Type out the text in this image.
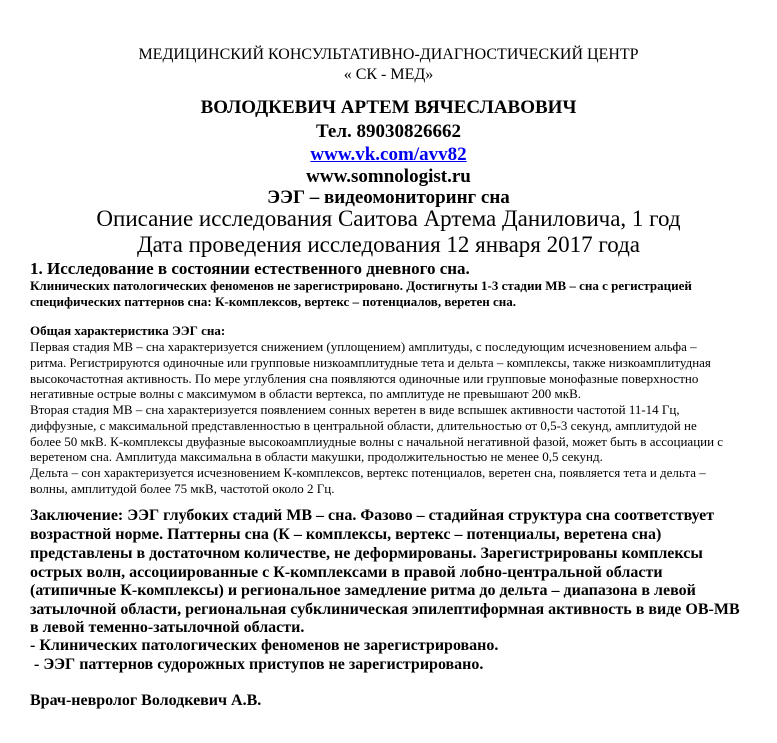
МЕДИЦИНСКИЙ КОНСУЛЬТАТИВНО-ДИАГНОСТИЧЕСКИЙ ЦЕНТР
« СК - МЕД»
ВОЛОДКЕВИЧ АРТЕМ ВЯЧЕСЛАВОВИЧ
Тел. 89030826662
www.vk.com/avv82
www.somnologist.ru
ЭЭГ – видеомониторинг сна
Описание исследования Саитова Артема Даниловича, 1 год
Дата проведения исследования 12 января 2017 года
1. Исследование в состоянии естественного дневного сна.
Клинических патологических феноменов не зарегистрировано. Достигнуты 1-3 стадии МВ – сна с регистрацией
специфических паттернов сна: К-комплексов, вертекс – потенциалов, веретен сна.
Общая характеристика ЭЭГ сна:
Первая стадия МВ – сна характеризуется снижением (уплощением) амплитуды, с последующим исчезновением альфа –
ритма. Регистрируются одиночные или групповые низкоамплитудные тета и дельта – комплексы, также низкоамплитудная
высокочастотная активность. По мере углубления сна появляются одиночные или групповые монофазные поверхностно
негативные острые волны с максимумом в области вертекса, по амплитуде не превышают 200 мкВ.
Вторая стадия МВ – сна характеризуется появлением сонных веретен в виде вспышек активности частотой 11-14 Гц,
диффузные, с максимальной представленностью в центральной области, длительностью от 0,5-3 секунд, амплитудой не
более 50 мкВ. К-комплексы двуфазные высокоамплиудные волны с начальной негативной фазой, может быть в ассоциации с
веретеном сна. Амплитуда максимальна в области макушки, продолжительностью не менее 0,5 секунд.
Дельта – сон характеризуется исчезновением К-комплексов, вертекс потенциалов, веретен сна, появляется тета и дельта –
волны, амплитудой более 75 мкВ, частотой около 2 Гц.
Заключение: ЭЭГ глубоких стадий МВ – сна. Фазово – стадийная структура сна соответствует
возрастной норме. Паттерны сна (К – комплексы, вертекс – потенциалы, веретена сна)
представлены в достаточном количестве, не деформированы. Зарегистрированы комплексы
острых волн, ассоциированные с К-комплексами в правой лобно-центральной области
(атипичные К-комплексы) и региональное замедление ритма до дельта – диапазона в левой
затылочной области, региональная субклиническая эпилептиформная активность в виде ОВ-МВ
в левой теменно-затылочной области.
- Клинических патологических феноменов не зарегистрировано.
- ЭЭГ паттернов судорожных приступов не зарегистрировано.
Врач-невролог Володкевич А.В.
